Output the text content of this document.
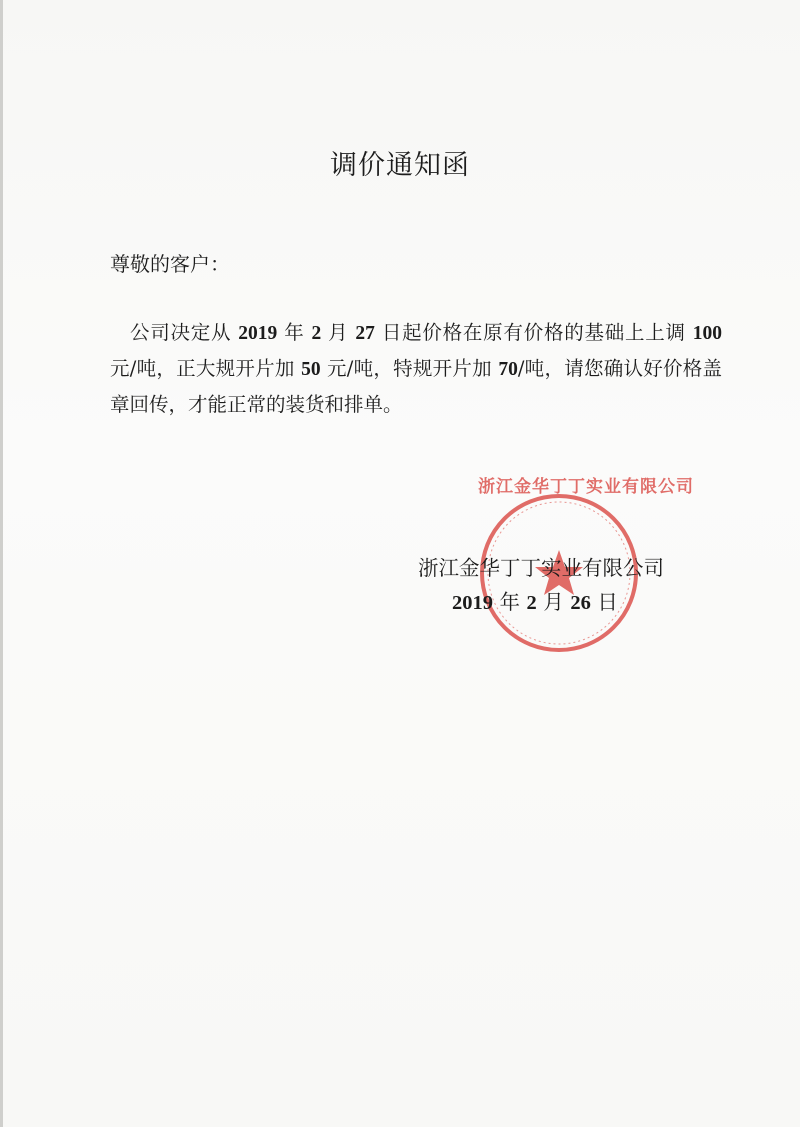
调价通知函
尊敬的客户：
公司决定从 2019 年 2 月 27 日起价格在原有价格的基础上上调 100 元/吨，正大规开片加 50 元/吨，特规开片加 70/吨，请您确认好价格盖章回传，才能正常的装货和排单。
浙江金华丁丁实业有限公司
浙江金华丁丁实业有限公司
2019 年 2 月 26 日
